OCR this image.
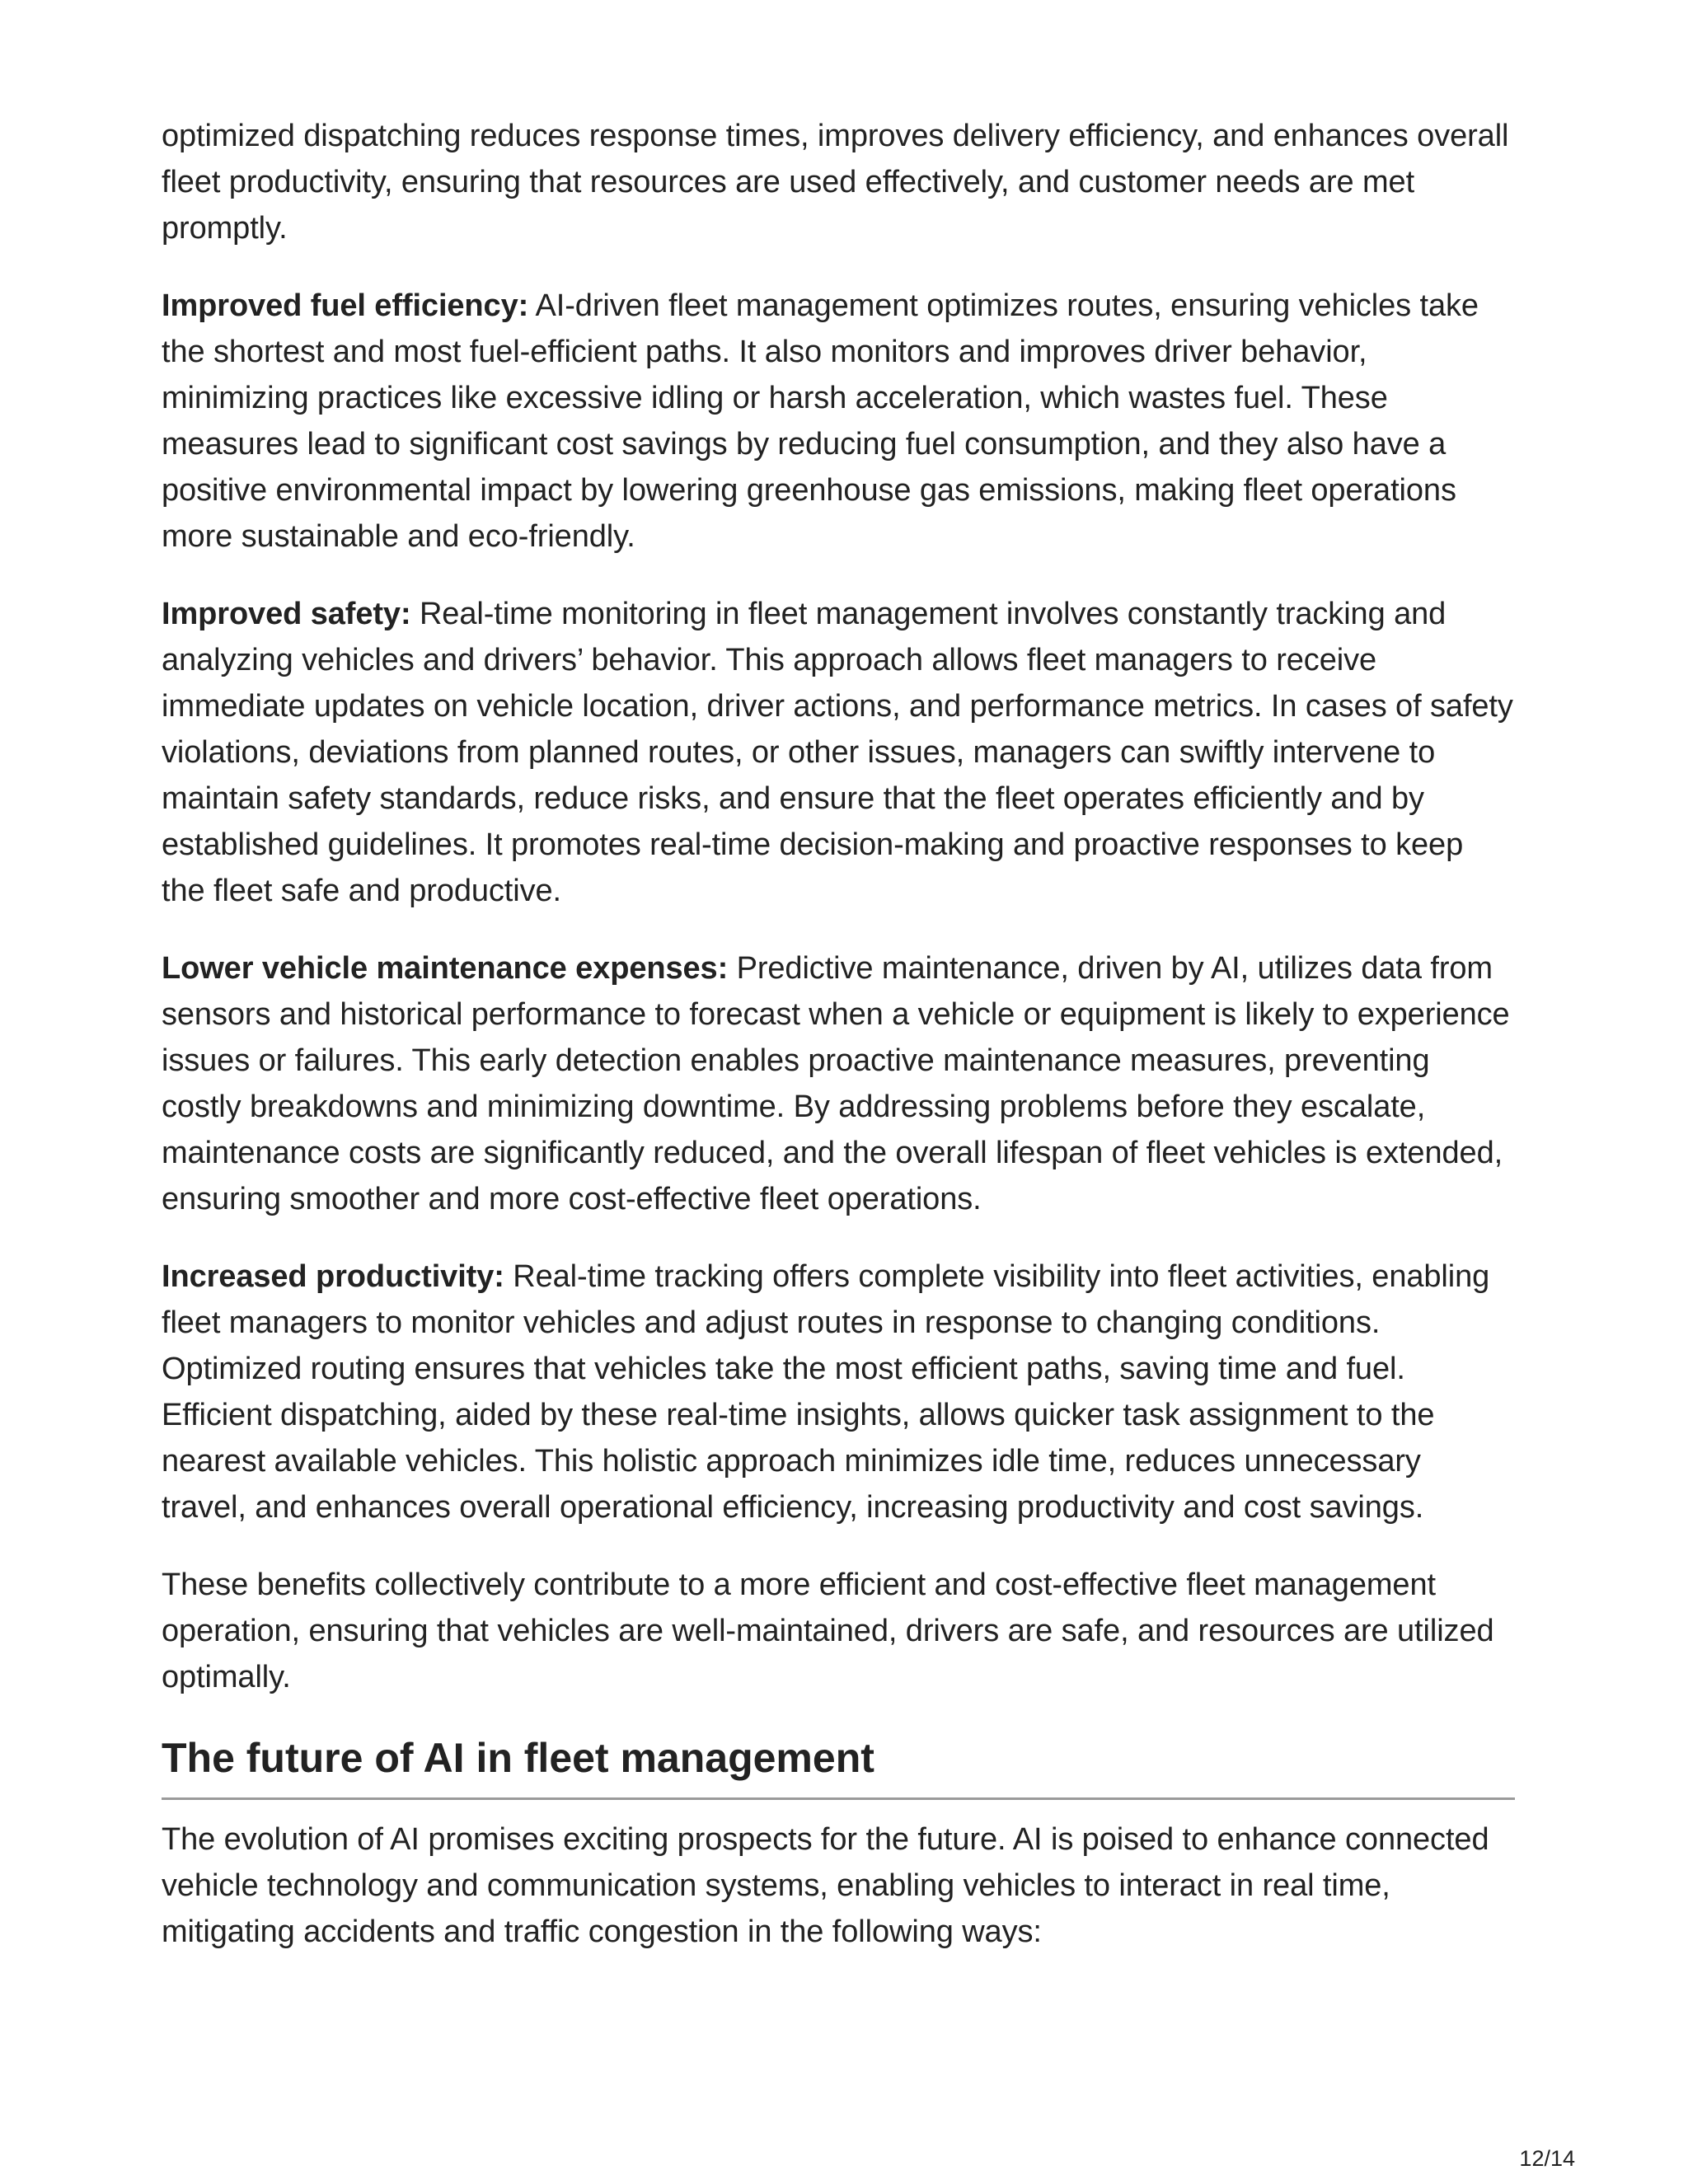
optimized dispatching reduces response times, improves delivery efficiency, and enhances overall fleet productivity, ensuring that resources are used effectively, and customer needs are met promptly.

Improved fuel efficiency: AI-driven fleet management optimizes routes, ensuring vehicles take the shortest and most fuel-efficient paths. It also monitors and improves driver behavior, minimizing practices like excessive idling or harsh acceleration, which wastes fuel. These measures lead to significant cost savings by reducing fuel consumption, and they also have a positive environmental impact by lowering greenhouse gas emissions, making fleet operations more sustainable and eco-friendly.

Improved safety: Real-time monitoring in fleet management involves constantly tracking and analyzing vehicles and drivers’ behavior. This approach allows fleet managers to receive immediate updates on vehicle location, driver actions, and performance metrics. In cases of safety violations, deviations from planned routes, or other issues, managers can swiftly intervene to maintain safety standards, reduce risks, and ensure that the fleet operates efficiently and by established guidelines. It promotes real-time decision-making and proactive responses to keep the fleet safe and productive.

Lower vehicle maintenance expenses: Predictive maintenance, driven by AI, utilizes data from sensors and historical performance to forecast when a vehicle or equipment is likely to experience issues or failures. This early detection enables proactive maintenance measures, preventing costly breakdowns and minimizing downtime. By addressing problems before they escalate, maintenance costs are significantly reduced, and the overall lifespan of fleet vehicles is extended, ensuring smoother and more cost-effective fleet operations.

Increased productivity: Real-time tracking offers complete visibility into fleet activities, enabling fleet managers to monitor vehicles and adjust routes in response to changing conditions. Optimized routing ensures that vehicles take the most efficient paths, saving time and fuel. Efficient dispatching, aided by these real-time insights, allows quicker task assignment to the nearest available vehicles. This holistic approach minimizes idle time, reduces unnecessary travel, and enhances overall operational efficiency, increasing productivity and cost savings.

These benefits collectively contribute to a more efficient and cost-effective fleet management operation, ensuring that vehicles are well-maintained, drivers are safe, and resources are utilized optimally.

The future of AI in fleet management

The evolution of AI promises exciting prospects for the future. AI is poised to enhance connected vehicle technology and communication systems, enabling vehicles to interact in real time, mitigating accidents and traffic congestion in the following ways:

12/14
